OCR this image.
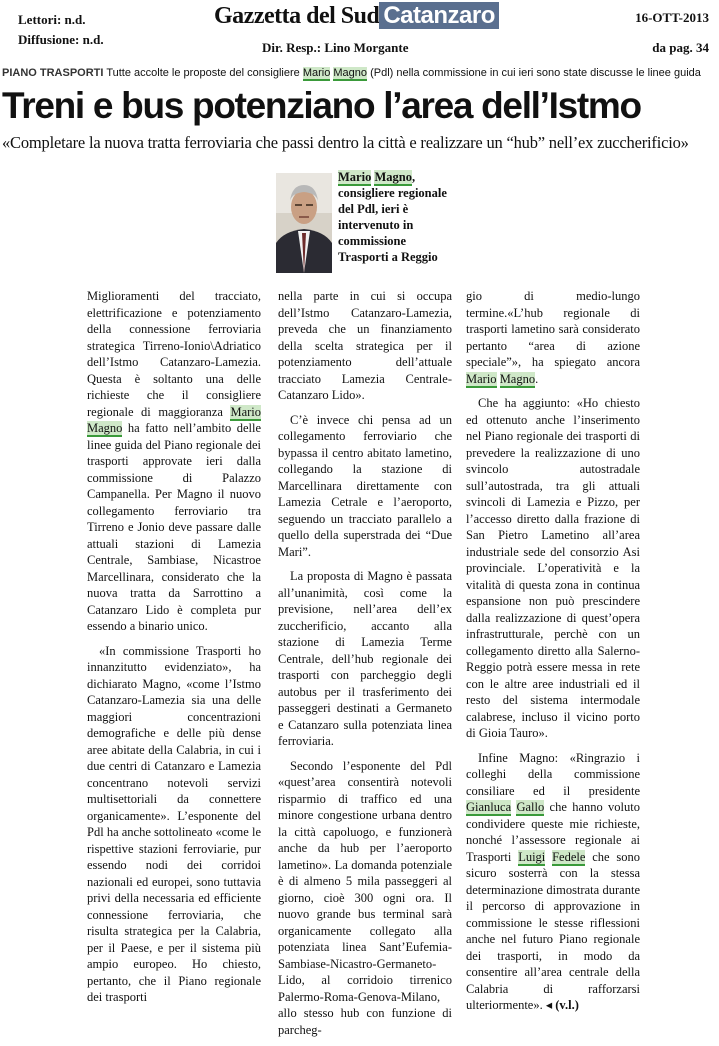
Lettori: n.d.
Diffusione: n.d.
Gazzetta del Sud Catanzaro	16-OTT-2013
Dir. Resp.: Lino Morgante	da pag. 34
PIANO TRASPORTI Tutte accolte le proposte del consigliere Mario Magno (Pdl) nella commissione in cui ieri sono state discusse le linee guida
Treni e bus potenziano l’area dell’Istmo
«Completare la nuova tratta ferroviaria che passi dentro la città e realizzare un “hub” nell’ex zuccherificio»
Mario Magno, consigliere regionale del Pdl, ieri è intervenuto in commissione Trasporti a Reggio

Miglioramenti del tracciato, elettrificazione e potenziamento della connessione ferroviaria strategica Tirreno-Ionio\Adriatico dell’Istmo Catanzaro-Lamezia. Questa è soltanto una delle richieste che il consigliere regionale di maggioranza Mario Magno ha fatto nell’ambito delle linee guida del Piano regionale dei trasporti approvate ieri dalla commissione di Palazzo Campanella. Per Magno il nuovo collegamento ferroviario tra Tirreno e Jonio deve passare dalle attuali stazioni di Lamezia Centrale, Sambiase, Nicastroe Marcellinara, considerato che la nuova tratta da Sarrottino a Catanzaro Lido è completa pur essendo a binario unico.

«In commissione Trasporti ho innanzitutto evidenziato», ha dichiarato Magno, «come l’Istmo Catanzaro-Lamezia sia una delle maggiori concentrazioni demografiche e delle più dense aree abitate della Calabria, in cui i due centri di Catanzaro e Lamezia concentrano notevoli servizi multisettoriali da connettere organicamente». L’esponente del Pdl ha anche sottolineato «come le rispettive stazioni ferroviarie, pur essendo nodi dei corridoi nazionali ed europei, sono tuttavia privi della necessaria ed efficiente connessione ferroviaria, che risulta strategica per la Calabria, per il Paese, e per il sistema più ampio europeo. Ho chiesto, pertanto, che il Piano regionale dei trasporti

nella parte in cui si occupa dell’Istmo Catanzaro-Lamezia, preveda che un finanziamento della scelta strategica per il potenziamento dell’attuale tracciato Lamezia Centrale-Catanzaro Lido».

C’è invece chi pensa ad un collegamento ferroviario che bypassa il centro abitato lametino, collegando la stazione di Marcellinara direttamente con Lamezia Cetrale e l’aeroporto, seguendo un tracciato parallelo a quello della superstrada dei “Due Mari”.

La proposta di Magno è passata all’unanimità, così come la previsione, nell’area dell’ex zuccherificio, accanto alla stazione di Lamezia Terme Centrale, dell’hub regionale dei trasporti con parcheggio degli autobus per il trasferimento dei passeggeri destinati a Germaneto e Catanzaro sulla potenziata linea ferroviaria.

Secondo l’esponente del Pdl «quest’area consentirà notevoli risparmio di traffico ed una minore congestione urbana dentro la città capoluogo, e funzionerà anche da hub per l’aeroporto lametino». La domanda potenziale è di almeno 5 mila passeggeri al giorno, cioè 300 ogni ora. Il nuovo grande bus terminal sarà organicamente collegato alla potenziata linea Sant’Eufemia-Sambiase-Nicastro-Germaneto-Lido, al corridoio tirrenico Palermo-Roma-Genova-Milano, allo stesso hub con funzione di parcheg-

gio di medio-lungo termine.«L’hub regionale di trasporti lametino sarà considerato pertanto “area di azione speciale”», ha spiegato ancora Mario Magno.

Che ha aggiunto: «Ho chiesto ed ottenuto anche l’inserimento nel Piano regionale dei trasporti di prevedere la realizzazione di uno svincolo autostradale sull’autostrada, tra gli attuali svincoli di Lamezia e Pizzo, per l’accesso diretto dalla frazione di San Pietro Lametino all’area industriale sede del consorzio Asi provinciale. L’operatività e la vitalità di questa zona in continua espansione non può prescindere dalla realizzazione di quest’opera infrastrutturale, perchè con un collegamento diretto alla Salerno-Reggio potrà essere messa in rete con le altre aree industriali ed il resto del sistema intermodale calabrese, incluso il vicino porto di Gioia Tauro».

Infine Magno: «Ringrazio i colleghi della commissione consiliare ed il presidente Gianluca Gallo che hanno voluto condividere queste mie richieste, nonché l’assessore regionale ai Trasporti Luigi Fedele che sono sicuro sosterrà con la stessa determinazione dimostrata durante il percorso di approvazione in commissione le stesse riflessioni anche nel futuro Piano regionale dei trasporti, in modo da consentire all’area centrale della Calabria di rafforzarsi ulteriormente». ◂ (v.l.)
